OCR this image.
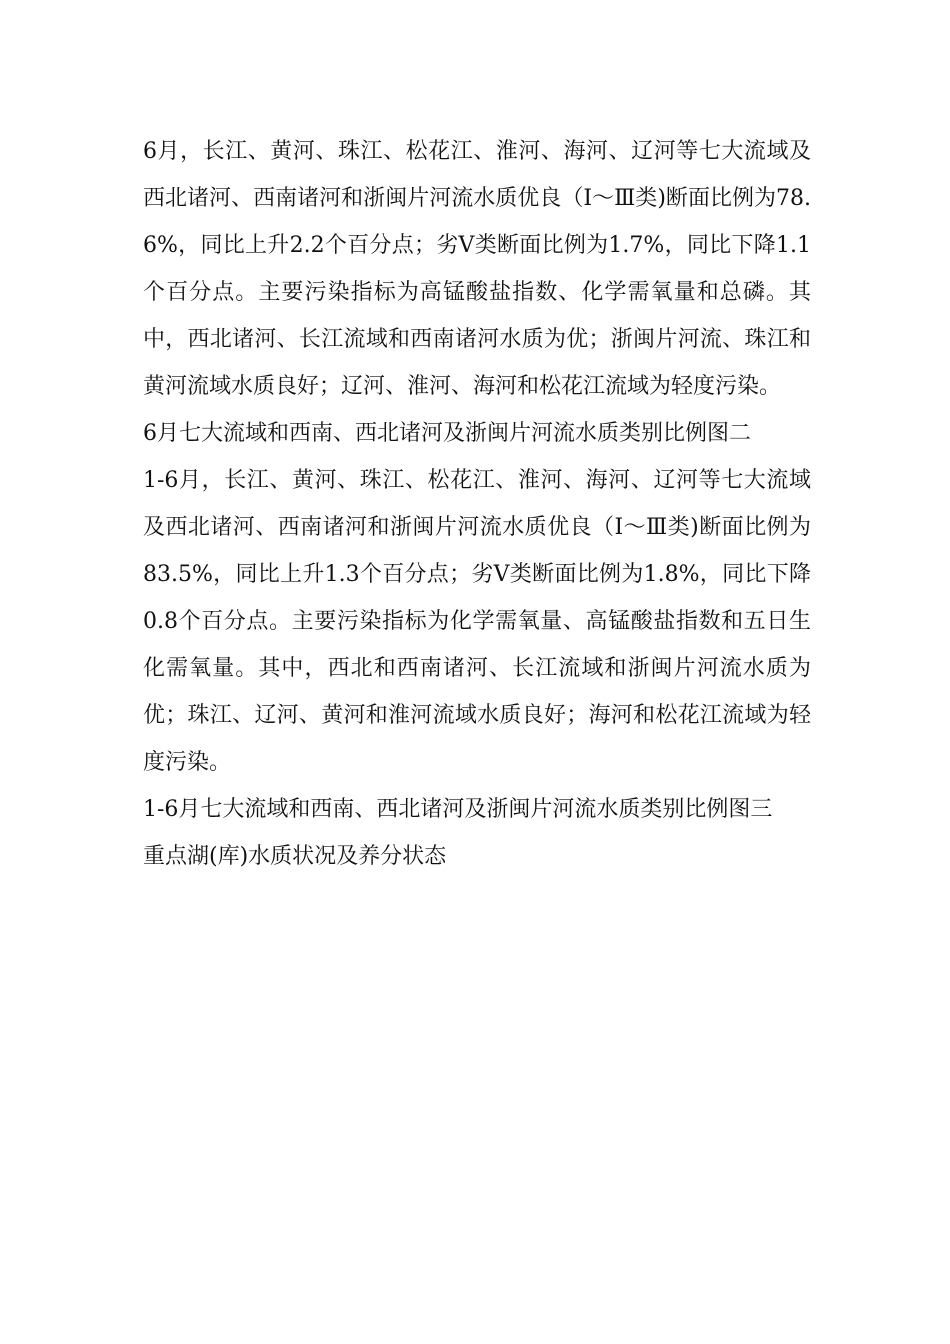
6月，长江、黄河、珠江、松花江、淮河、海河、辽河等七大流域及西北诸河、西南诸河和浙闽片河流水质优良（Ⅰ～Ⅲ类)断面比例为78.6%，同比上升2.2个百分点；劣Ⅴ类断面比例为1.7%，同比下降1.1个百分点。主要污染指标为高锰酸盐指数、化学需氧量和总磷。其中，西北诸河、长江流域和西南诸河水质为优；浙闽片河流、珠江和黄河流域水质良好；辽河、淮河、海河和松花江流域为轻度污染。

6月七大流域和西南、西北诸河及浙闽片河流水质类别比例图二

1-6月，长江、黄河、珠江、松花江、淮河、海河、辽河等七大流域及西北诸河、西南诸河和浙闽片河流水质优良（Ⅰ～Ⅲ类)断面比例为83.5%，同比上升1.3个百分点；劣Ⅴ类断面比例为1.8%，同比下降0.8个百分点。主要污染指标为化学需氧量、高锰酸盐指数和五日生化需氧量。其中，西北和西南诸河、长江流域和浙闽片河流水质为优；珠江、辽河、黄河和淮河流域水质良好；海河和松花江流域为轻度污染。

1-6月七大流域和西南、西北诸河及浙闽片河流水质类别比例图三

重点湖(库)水质状况及养分状态
